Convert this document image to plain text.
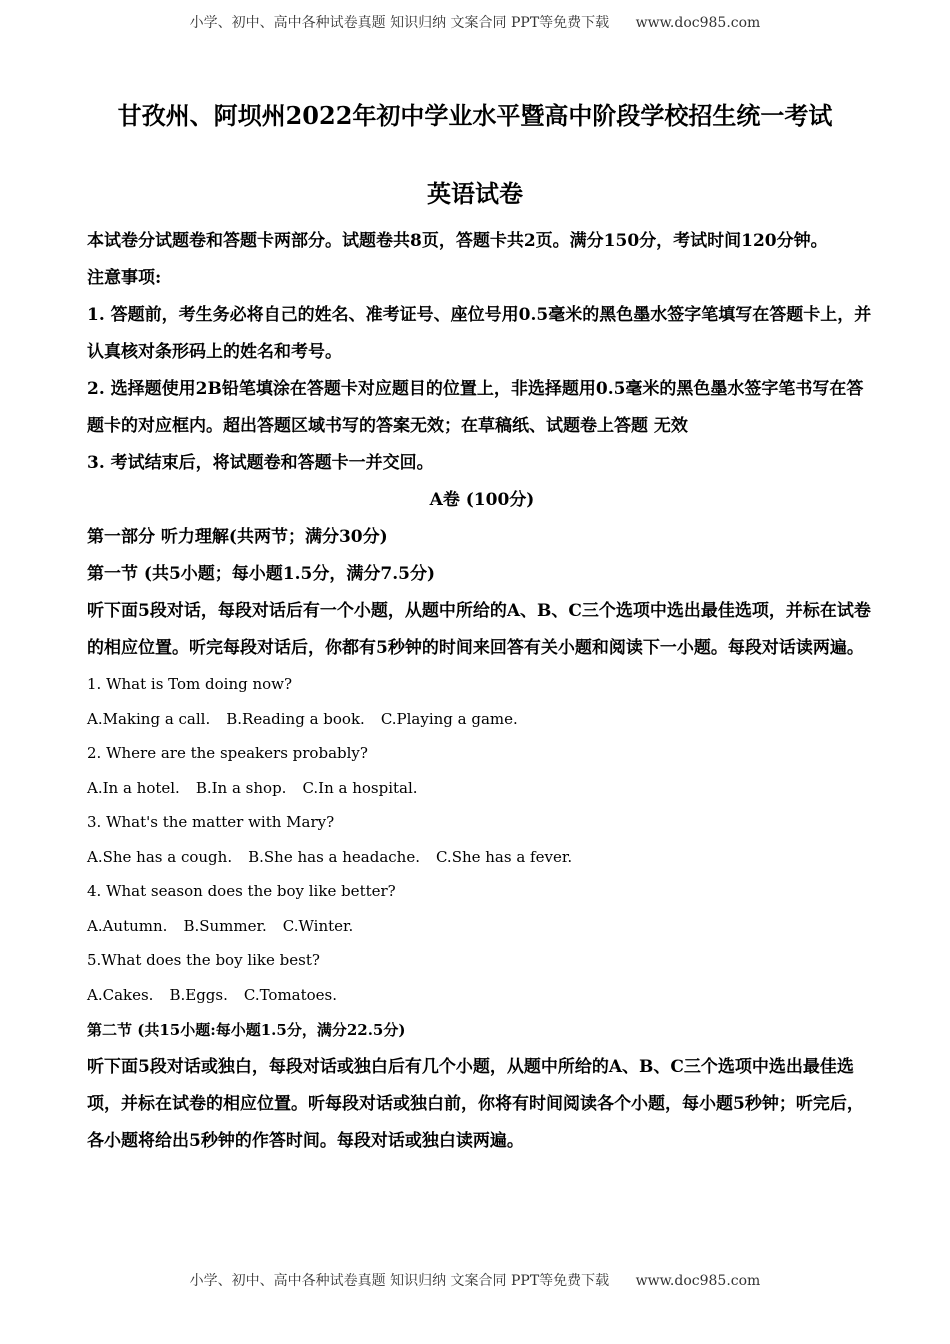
小学、初中、高中各种试卷真题 知识归纳 文案合同 PPT等免费下载 www.doc985.com
甘孜州、阿坝州2022年初中学业水平暨高中阶段学校招生统一考试
英语试卷
本试卷分试题卷和答题卡两部分。试题卷共8页，答题卡共2页。满分150分，考试时间120分钟。
注意事项:
1. 答题前，考生务必将自己的姓名、准考证号、座位号用0.5毫米的黑色墨水签字笔填写在答题卡上，并认真核对条形码上的姓名和考号。
2. 选择题使用2B铅笔填涂在答题卡对应题目的位置上，非选择题用0.5毫米的黑色墨水签字笔书写在答题卡的对应框内。超出答题区域书写的答案无效；在草稿纸、试题卷上答题 无效
3. 考试结束后，将试题卷和答题卡一并交回。
A卷 (100分)
第一部分 听力理解(共两节；满分30分)
第一节 (共5小题；每小题1.5分，满分7.5分)
听下面5段对话，每段对话后有一个小题，从题中所给的A、B、C三个选项中选出最佳选项，并标在试卷的相应位置。听完每段对话后，你都有5秒钟的时间来回答有关小题和阅读下一小题。每段对话读两遍。
1. What is Tom doing now?
A.Making a call. B.Reading a book. C.Playing a game.
2. Where are the speakers probably?
A.In a hotel. B.In a shop. C.In a hospital.
3. What's the matter with Mary?
A.She has a cough. B.She has a headache. C.She has a fever.
4. What season does the boy like better?
A.Autumn. B.Summer. C.Winter.
5.What does the boy like best?
A.Cakes. B.Eggs. C.Tomatoes.
第二节 (共15小题:每小题1.5分，满分22.5分)
听下面5段对话或独白，每段对话或独白后有几个小题，从题中所给的A、B、C三个选项中选出最佳选项，并标在试卷的相应位置。听每段对话或独白前，你将有时间阅读各个小题，每小题5秒钟；听完后，各小题将给出5秒钟的作答时间。每段对话或独白读两遍。
小学、初中、高中各种试卷真题 知识归纳 文案合同 PPT等免费下载 www.doc985.com
